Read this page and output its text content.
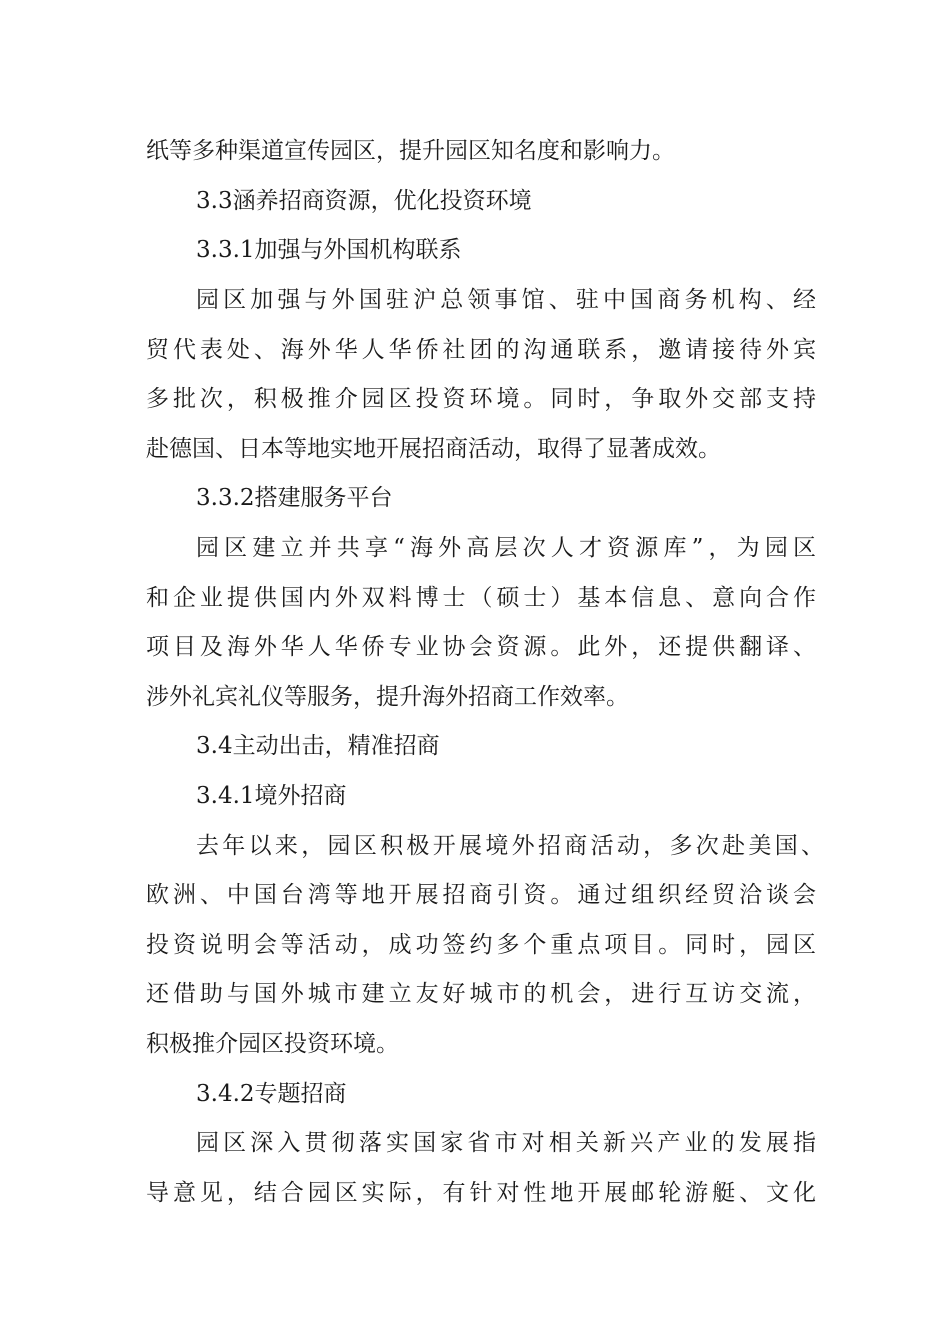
纸等多种渠道宣传园区，提升园区知名度和影响力。
3.3涵养招商资源，优化投资环境
3.3.1加强与外国机构联系
园区加强与外国驻沪总领事馆、驻中国商务机构、经
贸代表处、海外华人华侨社团的沟通联系，邀请接待外宾
多批次，积极推介园区投资环境。同时，争取外交部支持
赴德国、日本等地实地开展招商活动，取得了显著成效。
3.3.2搭建服务平台
园区建立并共享“海外高层次人才资源库”，为园区
和企业提供国内外双料博士（硕士）基本信息、意向合作
项目及海外华人华侨专业协会资源。此外，还提供翻译、
涉外礼宾礼仪等服务，提升海外招商工作效率。
3.4主动出击，精准招商
3.4.1境外招商
去年以来，园区积极开展境外招商活动，多次赴美国、
欧洲、中国台湾等地开展招商引资。通过组织经贸洽谈会
投资说明会等活动，成功签约多个重点项目。同时，园区
还借助与国外城市建立友好城市的机会，进行互访交流，
积极推介园区投资环境。
3.4.2专题招商
园区深入贯彻落实国家省市对相关新兴产业的发展指
导意见，结合园区实际，有针对性地开展邮轮游艇、文化
